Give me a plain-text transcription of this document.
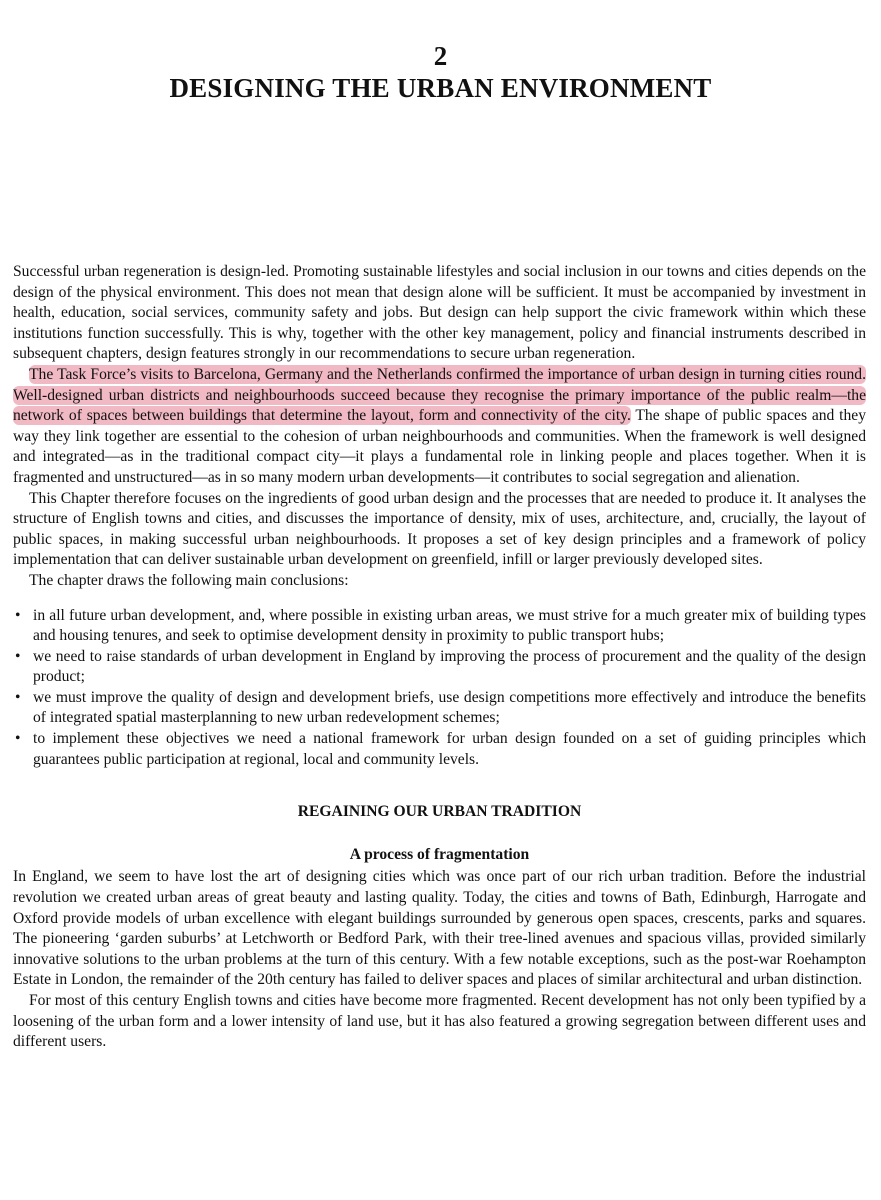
2
DESIGNING THE URBAN ENVIRONMENT

Successful urban regeneration is design-led. Promoting sustainable lifestyles and social inclusion in our towns and cities depends on the design of the physical environment. This does not mean that design alone will be sufficient. It must be accompanied by investment in health, education, social services, community safety and jobs. But design can help support the civic framework within which these institutions function successfully. This is why, together with the other key management, policy and financial instruments described in subsequent chapters, design features strongly in our recommendations to secure urban regeneration.

The Task Force’s visits to Barcelona, Germany and the Netherlands confirmed the importance of urban design in turning cities round. Well-designed urban districts and neighbourhoods succeed because they recognise the primary importance of the public realm—the network of spaces between buildings that determine the layout, form and connectivity of the city. The shape of public spaces and they way they link together are essential to the cohesion of urban neighbourhoods and communities. When the framework is well designed and integrated—as in the traditional compact city—it plays a fundamental role in linking people and places together. When it is fragmented and unstructured—as in so many modern urban developments—it contributes to social segregation and alienation.

This Chapter therefore focuses on the ingredients of good urban design and the processes that are needed to produce it. It analyses the structure of English towns and cities, and discusses the importance of density, mix of uses, architecture, and, crucially, the layout of public spaces, in making successful urban neighbourhoods. It proposes a set of key design principles and a framework of policy implementation that can deliver sustainable urban development on greenfield, infill or larger previously developed sites.

The chapter draws the following main conclusions:

• in all future urban development, and, where possible in existing urban areas, we must strive for a much greater mix of building types and housing tenures, and seek to optimise development density in proximity to public transport hubs;
• we need to raise standards of urban development in England by improving the process of procurement and the quality of the design product;
• we must improve the quality of design and development briefs, use design competitions more effectively and introduce the benefits of integrated spatial masterplanning to new urban redevelopment schemes;
• to implement these objectives we need a national framework for urban design founded on a set of guiding principles which guarantees public participation at regional, local and community levels.
REGAINING OUR URBAN TRADITION
A process of fragmentation

In England, we seem to have lost the art of designing cities which was once part of our rich urban tradition. Before the industrial revolution we created urban areas of great beauty and lasting quality. Today, the cities and towns of Bath, Edinburgh, Harrogate and Oxford provide models of urban excellence with elegant buildings surrounded by generous open spaces, crescents, parks and squares. The pioneering ‘garden suburbs’ at Letchworth or Bedford Park, with their tree-lined avenues and spacious villas, provided similarly innovative solutions to the urban problems at the turn of this century. With a few notable exceptions, such as the post-war Roehampton Estate in London, the remainder of the 20th century has failed to deliver spaces and places of similar architectural and urban distinction.

For most of this century English towns and cities have become more fragmented. Recent development has not only been typified by a loosening of the urban form and a lower intensity of land use, but it has also featured a growing segregation between different uses and different users.
